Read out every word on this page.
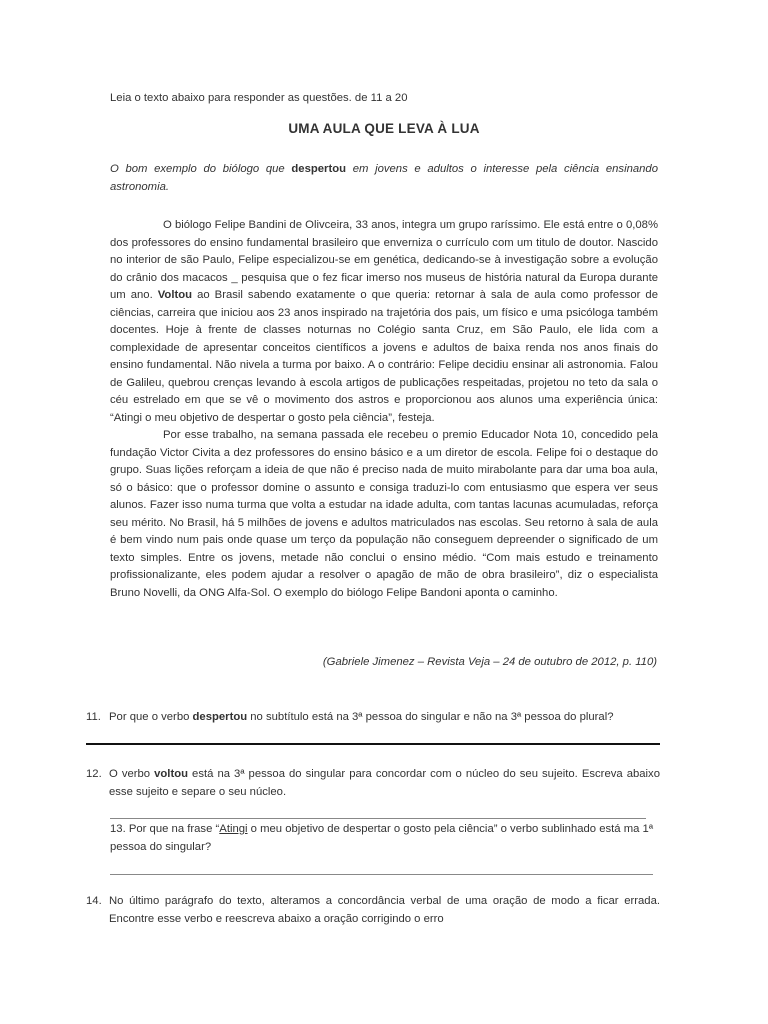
Leia o texto abaixo para responder as questões. de 11 a 20
UMA AULA QUE LEVA À LUA
O bom exemplo do biólogo que despertou em jovens e adultos o interesse pela ciência ensinando astronomia.

O biólogo Felipe Bandini de Olivceira, 33 anos, integra um grupo raríssimo. Ele está entre o 0,08% dos professores do ensino fundamental brasileiro que enverniza o currículo com um titulo de doutor. Nascido no interior de são Paulo, Felipe especializou-se em genética, dedicando-se à investigação sobre a evolução do crânio dos macacos _ pesquisa que o fez ficar imerso nos museus de história natural da Europa durante um ano. Voltou ao Brasil sabendo exatamente o que queria: retornar à sala de aula como professor de ciências, carreira que iniciou aos 23 anos inspirado na trajetória dos pais, um físico e uma psicóloga também docentes. Hoje à frente de classes noturnas no Colégio santa Cruz, em São Paulo, ele lida com a complexidade de apresentar conceitos científicos a jovens e adultos de baixa renda nos anos finais do ensino fundamental. Não nivela a turma por baixo. A o contrário: Felipe decidiu ensinar ali astronomia. Falou de Galileu, quebrou crenças levando à escola artigos de publicações respeitadas, projetou no teto da sala o céu estrelado em que se vê o movimento dos astros e proporcionou aos alunos uma experiência única: “Atingi o meu objetivo de despertar o gosto pela ciência”, festeja.

Por esse trabalho, na semana passada ele recebeu o premio Educador Nota 10, concedido pela fundação Victor Civita a dez professores do ensino básico e a um diretor de escola. Felipe foi o destaque do grupo. Suas lições reforçam a ideia de que não é preciso nada de muito mirabolante para dar uma boa aula, só o básico: que o professor domine o assunto e consiga traduzi-lo com entusiasmo que espera ver seus alunos. Fazer isso numa turma que volta a estudar na idade adulta, com tantas lacunas acumuladas, reforça seu mérito. No Brasil, há 5 milhões de jovens e adultos matriculados nas escolas. Seu retorno à sala de aula é bem vindo num pais onde quase um terço da população não conseguem depreender o significado de um texto simples. Entre os jovens, metade não conclui o ensino médio. “Com mais estudo e treinamento profissionalizante, eles podem ajudar a resolver o apagão de mão de obra brasileiro”, diz o especialista Bruno Novelli, da ONG Alfa-Sol. O exemplo do biólogo Felipe Bandoni aponta o caminho.

(Gabriele Jimenez – Revista Veja – 24 de outubro de 2012, p. 110)
11. Por que o verbo despertou no subtítulo está na 3ª pessoa do singular e não na 3ª pessoa do plural?
12. O verbo voltou está na 3ª pessoa do singular para concordar com o núcleo do seu sujeito. Escreva abaixo esse sujeito e separe o seu núcleo.
13. Por que na frase “Atingi o meu objetivo de despertar o gosto pela ciência” o verbo sublinhado está ma 1ª pessoa do singular?
14. No último parágrafo do texto, alteramos a concordância verbal de uma oração de modo a ficar errada. Encontre esse verbo e reescreva abaixo a oração corrigindo o erro
